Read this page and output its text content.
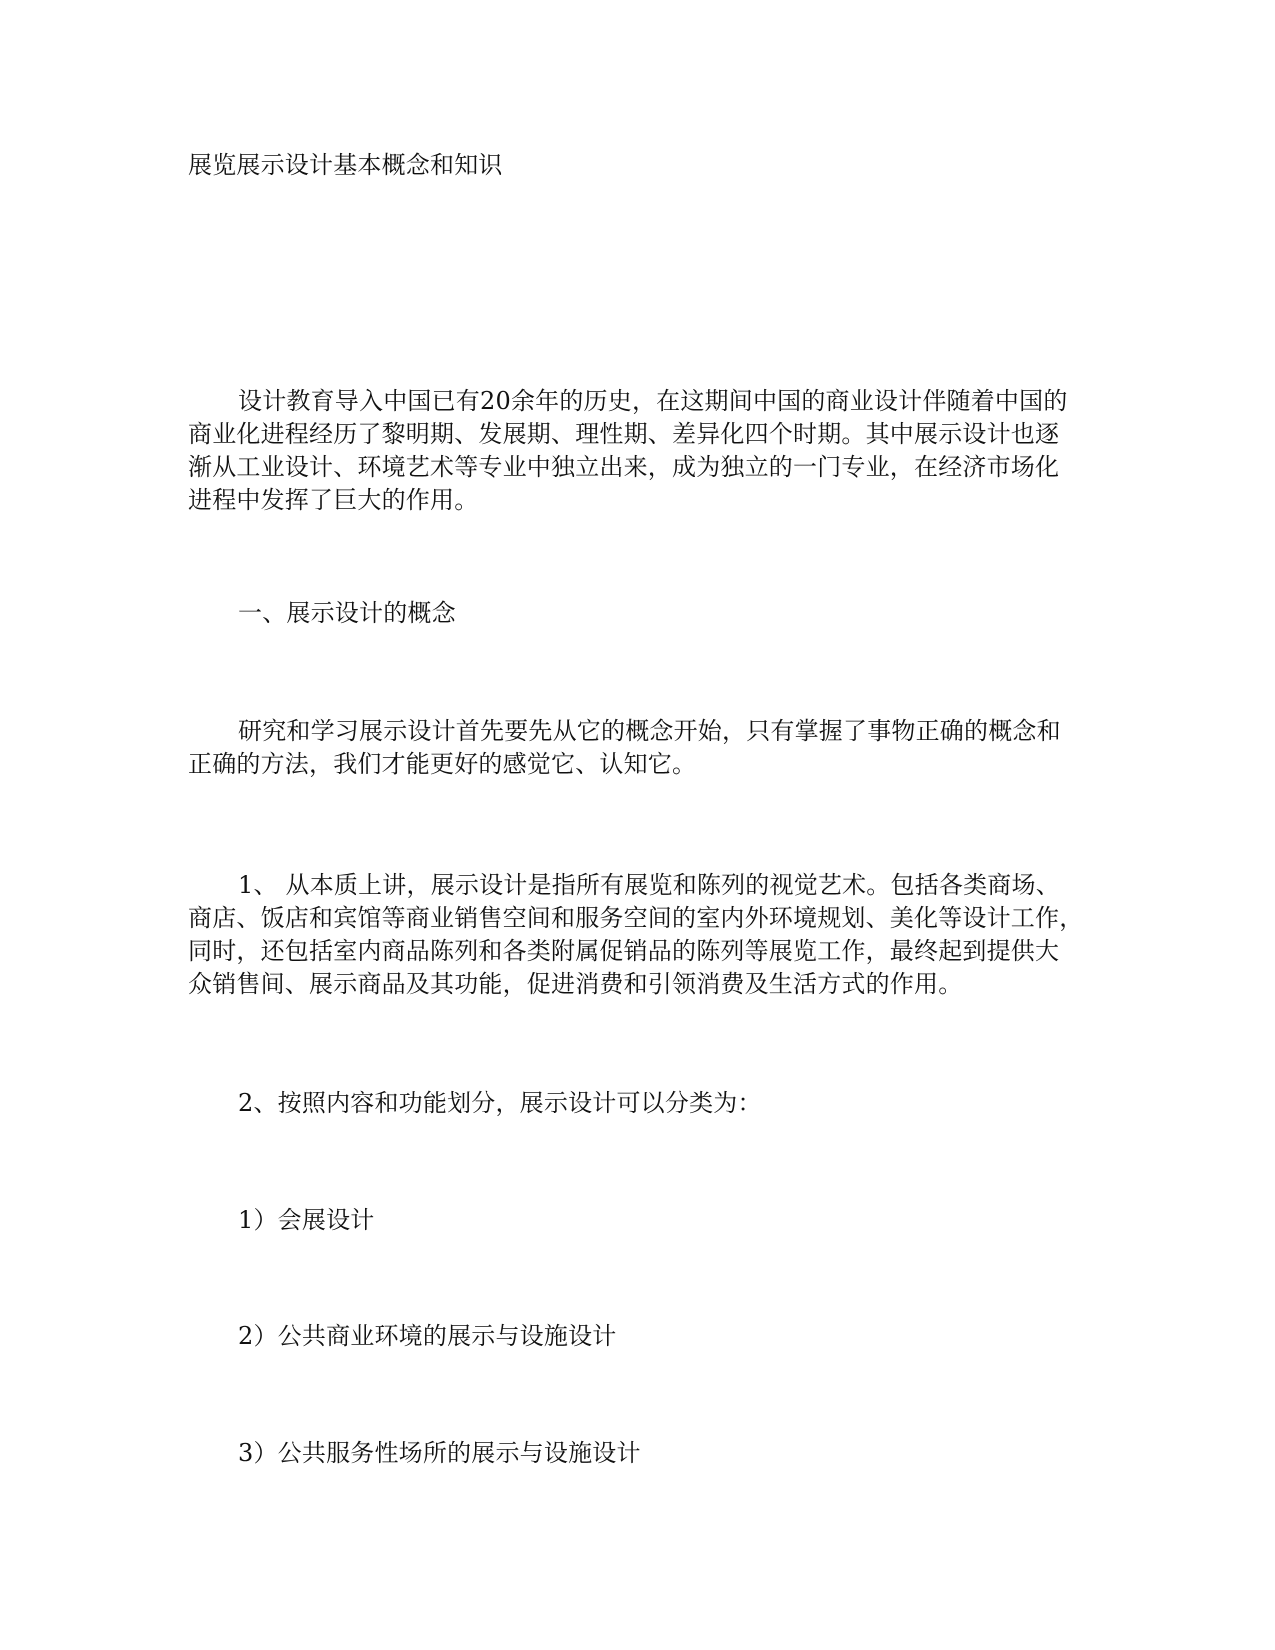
展览展示设计基本概念和知识
设计教育导入中国已有20余年的历史，在这期间中国的商业设计伴随着中国的
商业化进程经历了黎明期、发展期、理性期、差异化四个时期。其中展示设计也逐
渐从工业设计、环境艺术等专业中独立出来，成为独立的一门专业，在经济市场化
进程中发挥了巨大的作用。
一、展示设计的概念
研究和学习展示设计首先要先从它的概念开始，只有掌握了事物正确的概念和
正确的方法，我们才能更好的感觉它、认知它。
1、 从本质上讲，展示设计是指所有展览和陈列的视觉艺术。包括各类商场、
商店、饭店和宾馆等商业销售空间和服务空间的室内外环境规划、美化等设计工作，
同时，还包括室内商品陈列和各类附属促销品的陈列等展览工作，最终起到提供大
众销售间、展示商品及其功能，促进消费和引领消费及生活方式的作用。
2、按照内容和功能划分，展示设计可以分类为：
1）会展设计
2）公共商业环境的展示与设施设计
3）公共服务性场所的展示与设施设计
